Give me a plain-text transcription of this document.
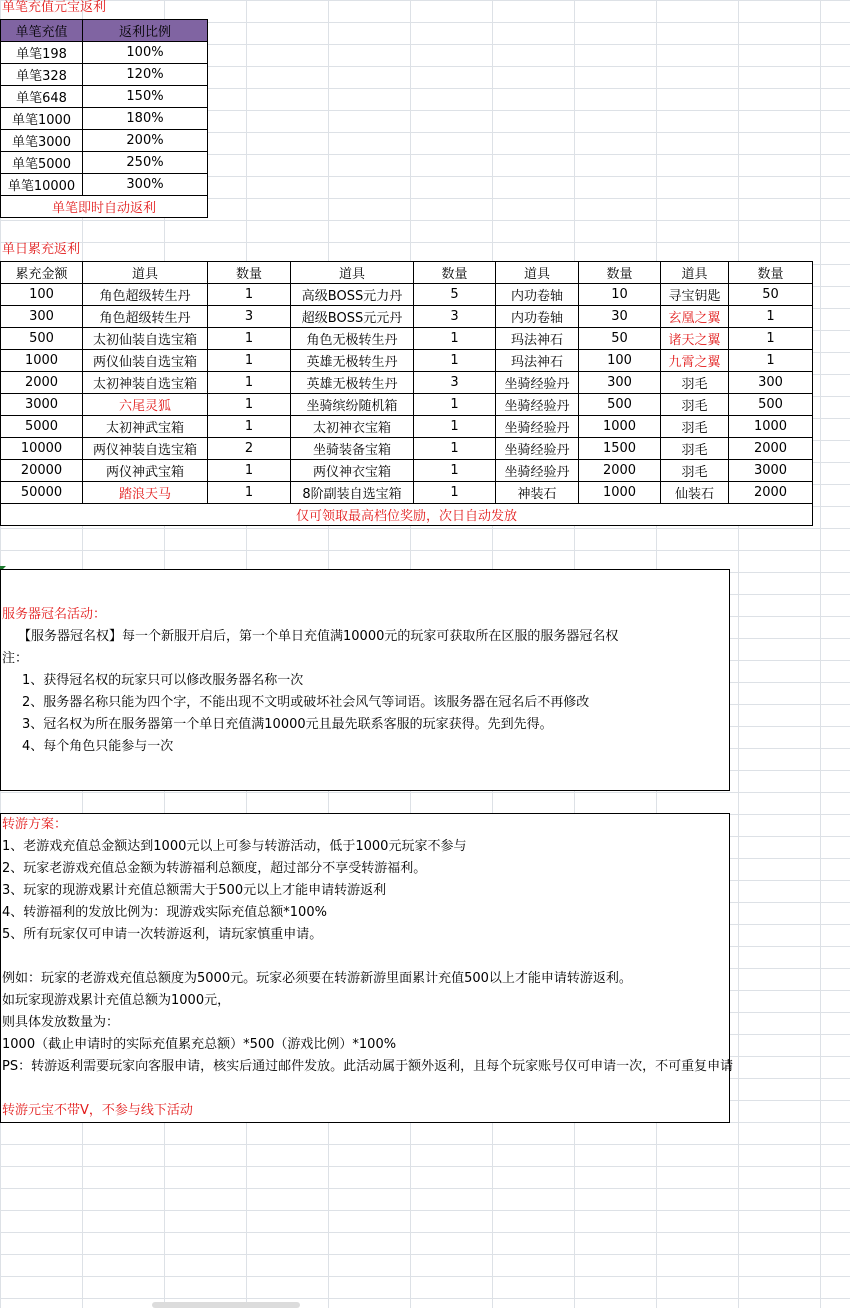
单笔充值元宝返利
单笔充值	返利比例
单笔198	100%
单笔328	120%
单笔648	150%
单笔1000	180%
单笔3000	200%
单笔5000	250%
单笔10000	300%
单笔即时自动返利	
单日累充返利
累充金额	道具	数量	道具	数量	道具	数量	道具	数量
100	角色超级转生丹	1	高级BOSS元力丹	5	内功卷轴	10	寻宝钥匙	50
300	角色超级转生丹	3	超级BOSS元元丹	3	内功卷轴	30	玄凰之翼	1
500	太初仙装自选宝箱	1	角色无极转生丹	1	玛法神石	50	诸天之翼	1
1000	两仪仙装自选宝箱	1	英雄无极转生丹	1	玛法神石	100	九霄之翼	1
2000	太初神装自选宝箱	1	英雄无极转生丹	3	坐骑经验丹	300	羽毛	300
3000	六尾灵狐	1	坐骑缤纷随机箱	1	坐骑经验丹	500	羽毛	500
5000	太初神武宝箱	1	太初神衣宝箱	1	坐骑经验丹	1000	羽毛	1000
10000	两仪神装自选宝箱	2	坐骑装备宝箱	1	坐骑经验丹	1500	羽毛	2000
20000	两仪神武宝箱	1	两仪神衣宝箱	1	坐骑经验丹	2000	羽毛	3000
50000	踏浪天马	1	8阶副装自选宝箱	1	神装石	1000	仙装石	2000
仅可领取最高档位奖励，次日自动发放								
服务器冠名活动：
【服务器冠名权】每一个新服开启后，第一个单日充值满10000元的玩家可获取所在区服的服务器冠名权
注：
1、获得冠名权的玩家只可以修改服务器名称一次
2、服务器名称只能为四个字，不能出现不文明或破坏社会风气等词语。该服务器在冠名后不再修改
3、冠名权为所在服务器第一个单日充值满10000元且最先联系客服的玩家获得。先到先得。
4、每个角色只能参与一次
转游方案：
1、老游戏充值总金额达到1000元以上可参与转游活动，低于1000元玩家不参与
2、玩家老游戏充值总金额为转游福利总额度，超过部分不享受转游福利。
3、玩家的现游戏累计充值总额需大于500元以上才能申请转游返利
4、转游福利的发放比例为：现游戏实际充值总额*100%
5、所有玩家仅可申请一次转游返利，请玩家慎重申请。
例如：玩家的老游戏充值总额度为5000元。玩家必须要在转游新游里面累计充值500以上才能申请转游返利。
如玩家现游戏累计充值总额为1000元，
则具体发放数量为：
1000（截止申请时的实际充值累充总额）*500（游戏比例）*100%
PS：转游返利需要玩家向客服申请，核实后通过邮件发放。此活动属于额外返利，且每个玩家账号仅可申请一次，不可重复申请
转游元宝不带V，不参与线下活动
